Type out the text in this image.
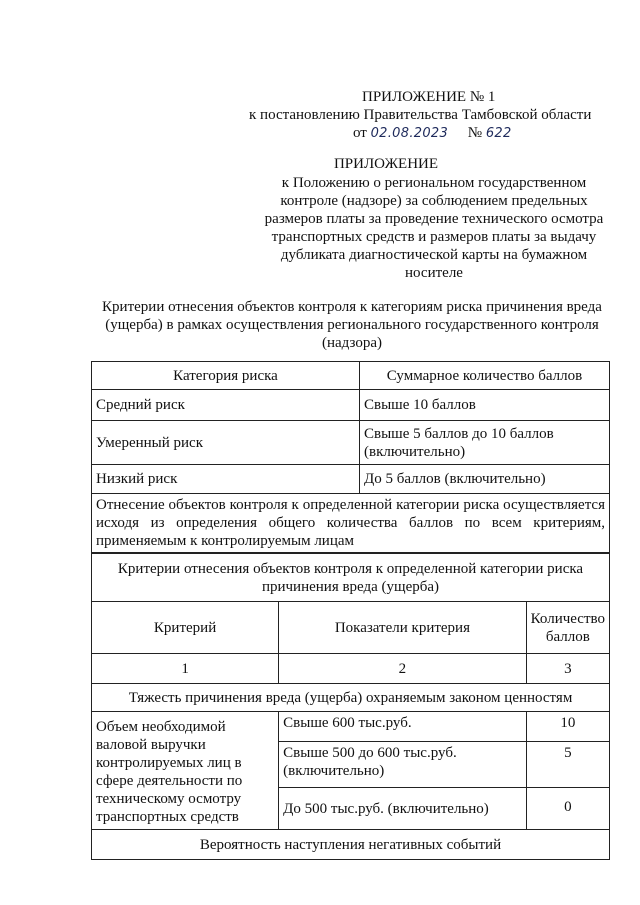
ПРИЛОЖЕНИЕ № 1
к постановлению Правительства Тамбовской области
от 02.08.2023 № 622
ПРИЛОЖЕНИЕ
к Положению о региональном государственном
контроле (надзоре) за соблюдением предельных
размеров платы за проведение технического осмотра
транспортных средств и размеров платы за выдачу
дубликата диагностической карты на бумажном
носителе
Критерии отнесения объектов контроля к категориям риска причинения вреда
(ущерба) в рамках осуществления регионального государственного контроля
(надзора)
Категория риска	Суммарное количество баллов
Средний риск	Свыше 10 баллов
Умеренный риск	Свыше 5 баллов до 10 баллов (включительно)
Низкий риск	До 5 баллов (включительно)
Отнесение объектов контроля к определенной категории риска осуществляется исходя из определения общего количества баллов по всем критериям, применяемым к контролируемым лицам	
Критерии отнесения объектов контроля к определенной категории риска причинения вреда (ущерба)		
Критерий	Показатели критерия	Количество баллов
1	2	3
Тяжесть причинения вреда (ущерба) охраняемым законом ценностям		
Объем необходимой валовой выручки контролируемых лиц в сфере деятельности по техническому осмотру транспортных средств	Свыше 600 тыс.руб.	10
	Свыше 500 до 600 тыс.руб. (включительно)	5
	До 500 тыс.руб. (включительно)	0
Вероятность наступления негативных событий		
